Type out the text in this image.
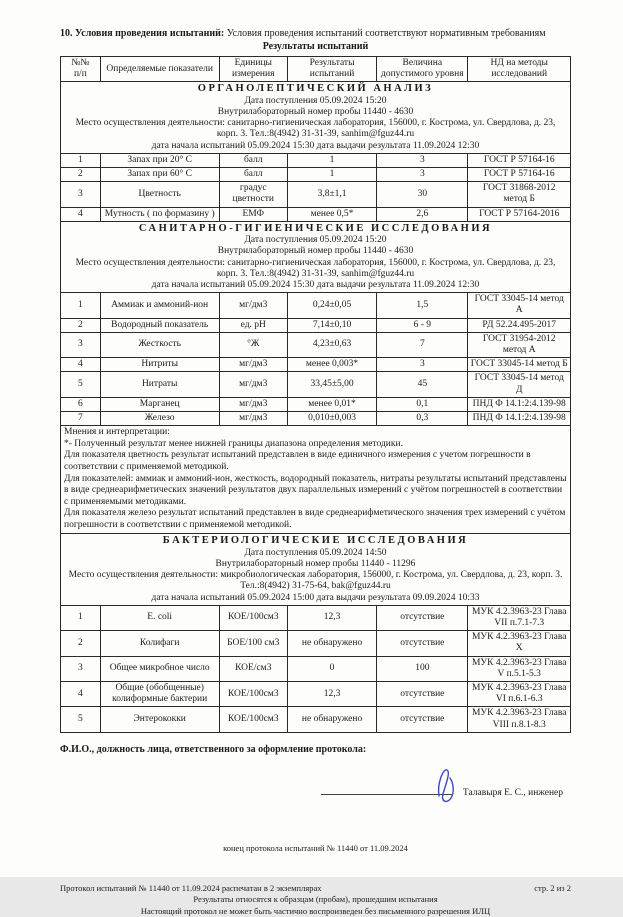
10. Условия проведения испытаний: Условия проведения испытаний соответствуют нормативным требованиям
Результаты испытаний
№№
п/п	Определяемые показатели	Единицы измерения	Результаты испытаний	Величина допустимого уровня	НД на методы исследований

ОРГАНОЛЕПТИЧЕСКИЙ АНАЛИЗ
Дата поступления 05.09.2024 15:20
Внутрилабораторный номер пробы 11440 - 4630
Место осуществления деятельности: санитарно-гигиеническая лаборатория, 156000, г. Кострома, ул. Свердлова, д. 23, корп. 3. Тел.:8(4942) 31-31-39, sanhim@fguz44.ru
дата начала испытаний 05.09.2024 15:30 дата выдачи результата 11.09.2024 12:30					

1	Запах при 20° С	балл	1	3	ГОСТ Р 57164-16
2	Запах при 60° С	балл	1	3	ГОСТ Р 57164-16
3	Цветность	градус цветности	3,8±1,1	30	ГОСТ 31868-2012 метод Б
4	Мутность ( по формазину )	ЕМФ	менее 0,5*	2,6	ГОСТ Р 57164-2016

САНИТАРНО-ГИГИЕНИЧЕСКИЕ ИССЛЕДОВАНИЯ
Дата поступления 05.09.2024 15:20
Внутрилабораторный номер пробы 11440 - 4630
Место осуществления деятельности: санитарно-гигиеническая лаборатория, 156000, г. Кострома, ул. Свердлова, д. 23, корп. 3. Тел.:8(4942) 31-31-39, sanhim@fguz44.ru
дата начала испытаний 05.09.2024 15:30 дата выдачи результата 11.09.2024 12:30					

1	Аммиак и аммоний-ион	мг/дм3	0,24±0,05	1,5	ГОСТ 33045-14 метод А
2	Водородный показатель	ед. рН	7,14±0,10	6 - 9	РД 52.24.495-2017
3	Жесткость	°Ж	4,23±0,63	7	ГОСТ 31954-2012 метод А
4	Нитриты	мг/дм3	менее 0,003*	3	ГОСТ 33045-14 метод Б
5	Нитраты	мг/дм3	33,45±5,00	45	ГОСТ 33045-14 метод Д
6	Марганец	мг/дм3	менее 0,01*	0,1	ПНД Ф 14.1:2:4.139-98
7	Железо	мг/дм3	0,010±0,003	0,3	ПНД Ф 14.1:2:4.139-98

Мнения и интерпретации:
*- Полученный результат менее нижней границы диапазона определения методики.
Для показателя цветность результат испытаний представлен в виде единичного измерения с учетом погрешности в соответствии с применяемой методикой.
Для показателей: аммиак и аммоний-ион, жесткость, водородный показатель, нитраты результаты испытаний представлены в виде среднеарифметических значений результатов двух параллельных измерений с учётом погрешностей в соответствии с применяемыми методиками.
Для показателя железо результат испытаний представлен в виде среднеарифметического значения трех измерений с учётом погрешности в соответствии с применяемой методикой.					

БАКТЕРИОЛОГИЧЕСКИЕ ИССЛЕДОВАНИЯ
Дата поступления 05.09.2024 14:50
Внутрилабораторный номер пробы 11440 - 11296
Место осуществления деятельности: микробиологическая лаборатория, 156000, г. Кострома, ул. Свердлова, д. 23, корп. 3. Тел.:8(4942) 31-75-64, bak@fguz44.ru
дата начала испытаний 05.09.2024 15:00 дата выдачи результата 09.09.2024 10:33					

1	E. coli	КОЕ/100см3	12,3	отсутствие	МУК 4.2.3963-23 Глава VII п.7.1-7.3
2	Колифаги	БОЕ/100 см3	не обнаружено	отсутствие	МУК 4.2.3963-23 Глава X
3	Общее микробное число	КОЕ/см3	0	100	МУК 4.2.3963-23 Глава V п.5.1-5.3
4	Общие (обобщенные) колиформные бактерии	КОЕ/100см3	12,3	отсутствие	МУК 4.2.3963-23 Глава VI п.6.1-6.3
5	Энтерококки	КОЕ/100см3	не обнаружено	отсутствие	МУК 4.2.3963-23 Глава VIII п.8.1-8.3
Ф.И.О., должность лица, ответственного за оформление протокола:
Талавыря Е. С., инженер
конец протокола испытаний № 11440 от 11.09.2024
Протокол испытаний № 11440 от 11.09.2024 распечатан в 2 экземплярах	стр. 2 из 2
Результаты относятся к образцам (пробам), прошедшим испытания
Настоящий протокол не может быть частично воспроизведен без письменного разрешения ИЛЦ
